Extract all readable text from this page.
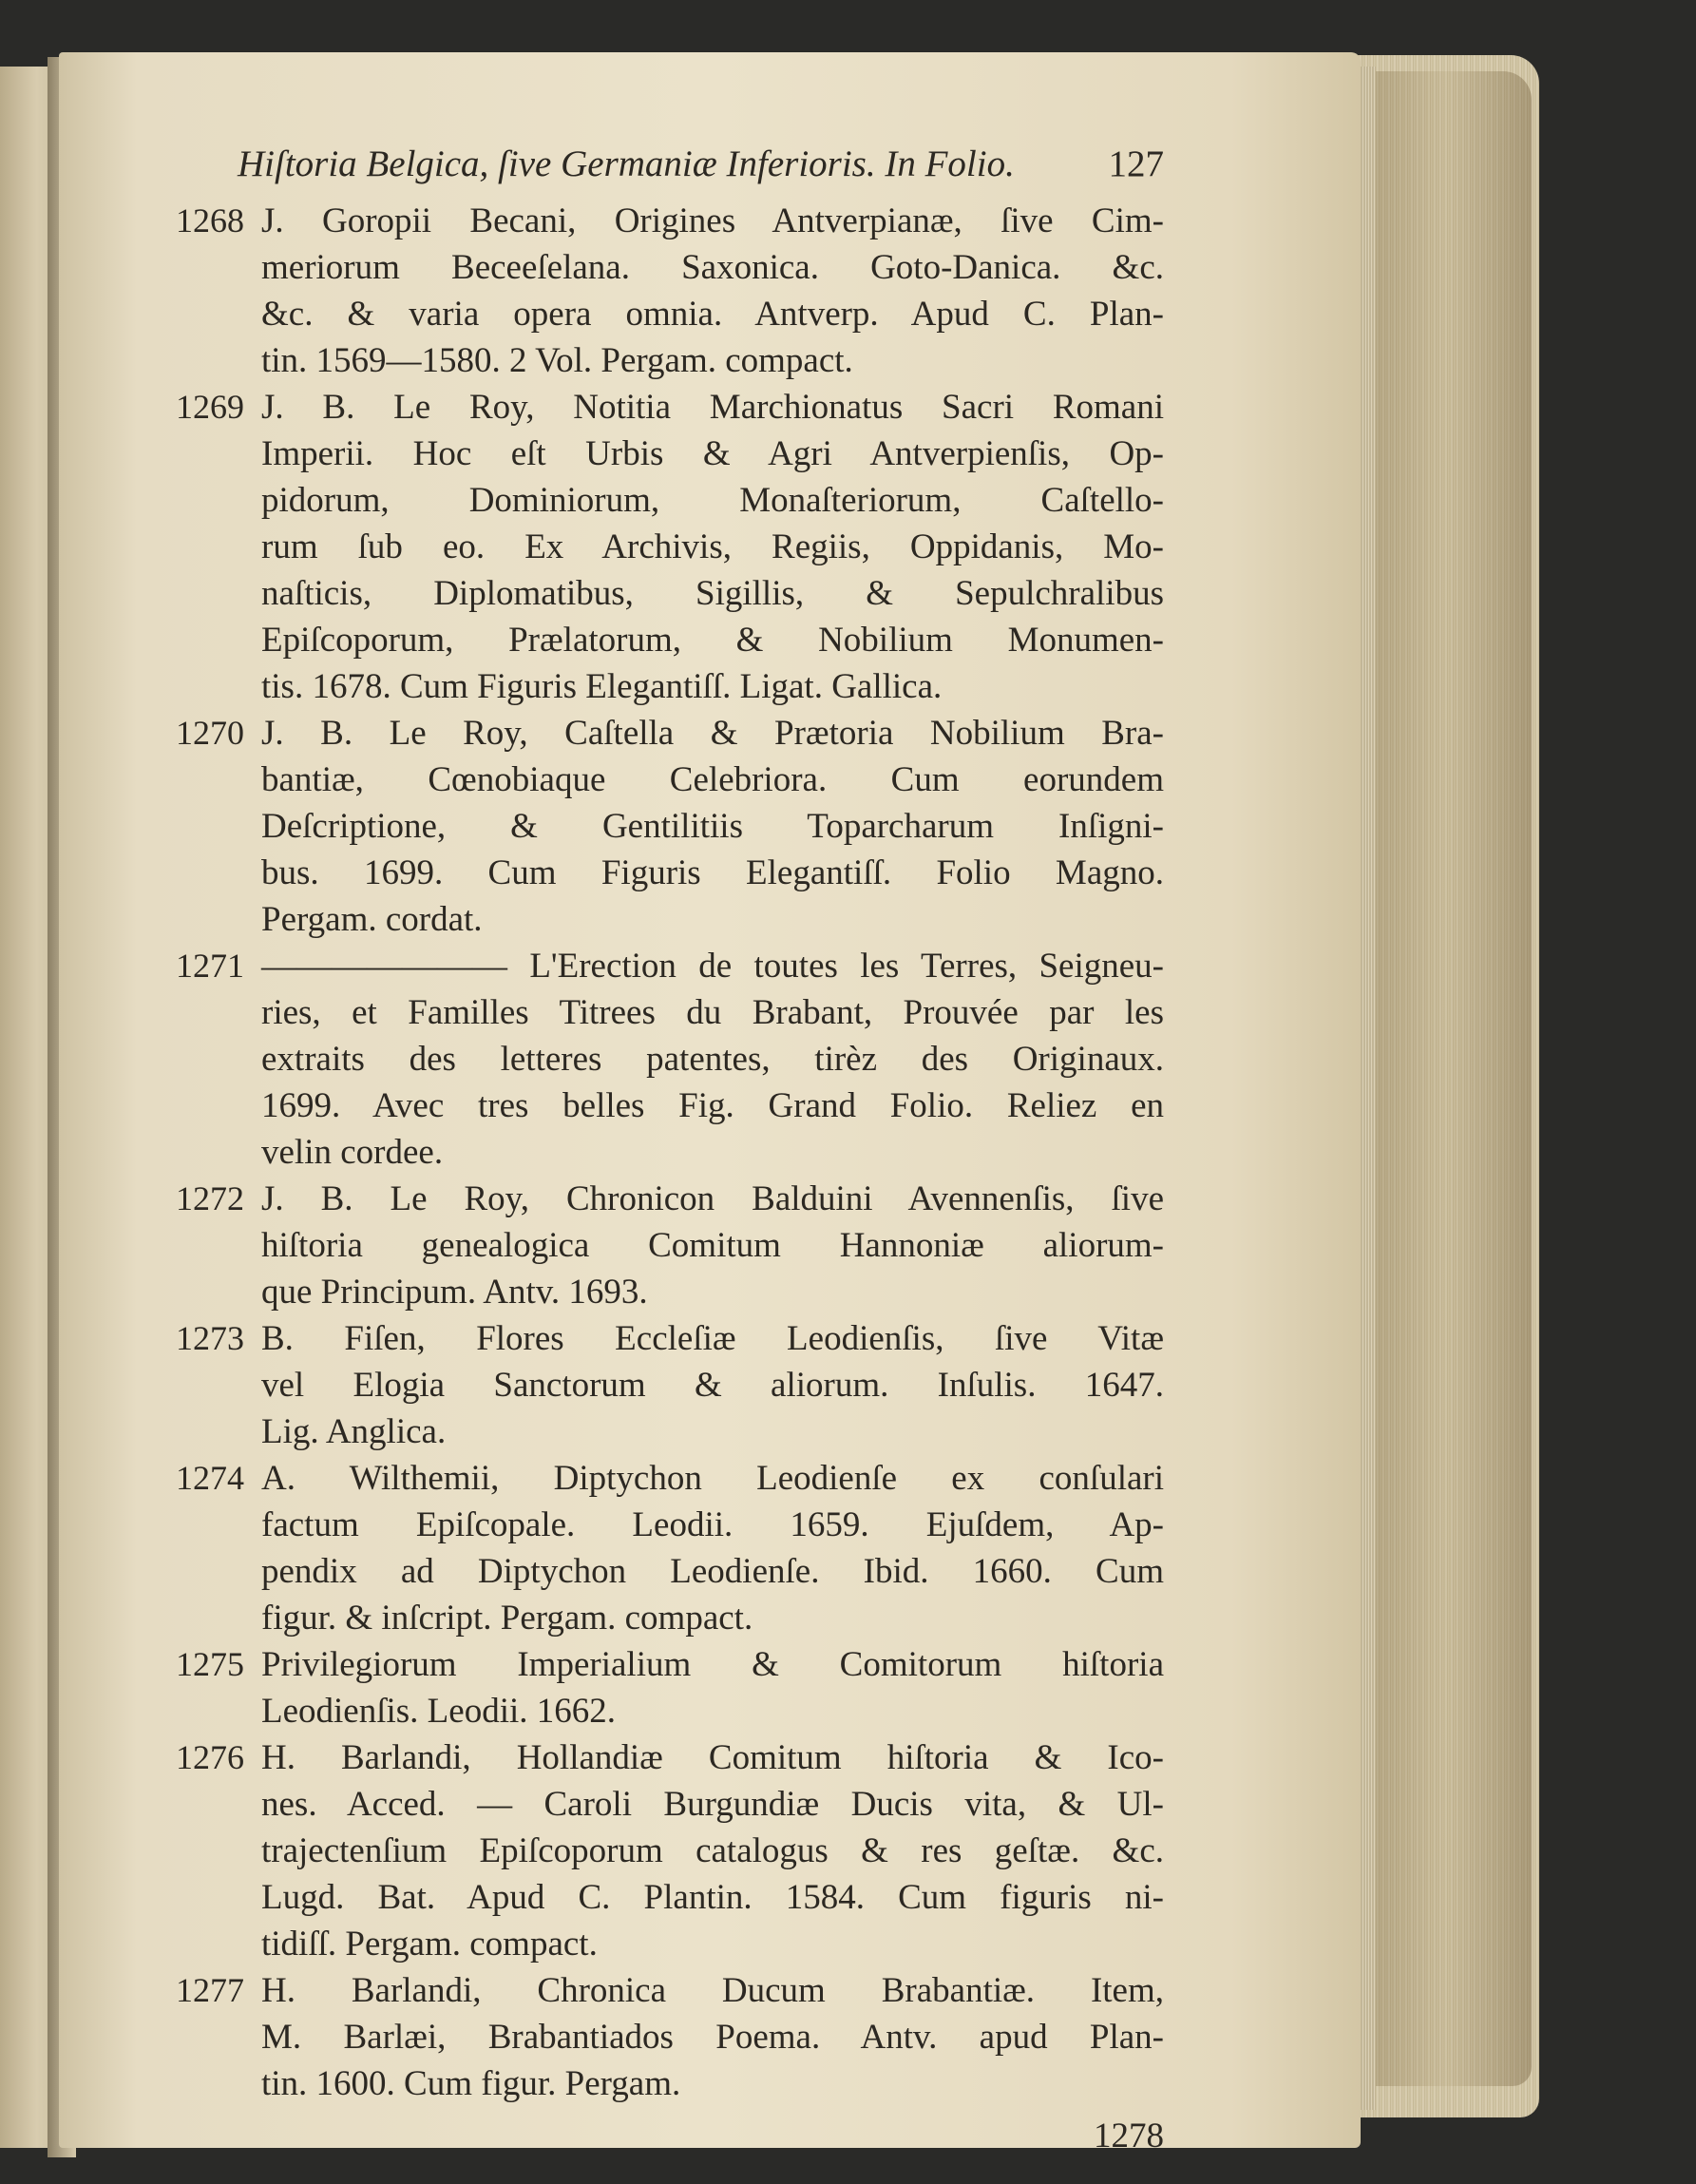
Hiſtoria Belgica, ſive Germaniæ Inferioris. In Folio.	127
1268 J. Goropii Becani, Origines Antverpianæ, ſive Cim-
meriorum Beceeſelana. Saxonica. Goto-Danica. &c.
&c. & varia opera omnia. Antverp. Apud C. Plan-
tin. 1569—1580. 2 Vol. Pergam. compact.
1269 J. B. Le Roy, Notitia Marchionatus Sacri Romani
Imperii. Hoc eſt Urbis & Agri Antverpienſis, Op-
pidorum, Dominiorum, Monaſteriorum, Caſtello-
rum ſub eo. Ex Archivis, Regiis, Oppidanis, Mo-
naſticis, Diplomatibus, Sigillis, & Sepulchralibus
Epiſcoporum, Prælatorum, & Nobilium Monumen-
tis. 1678. Cum Figuris Elegantiſſ. Ligat. Gallica.
1270 J. B. Le Roy, Caſtella & Prætoria Nobilium Bra-
bantiæ, Cœnobiaque Celebriora. Cum eorundem
Deſcriptione, & Gentilitiis Toparcharum Inſigni-
bus. 1699. Cum Figuris Elegantiſſ. Folio Magno.
Pergam. cordat.
1271 ——————— L'Erection de toutes les Terres, Seigneu-
ries, et Familles Titrees du Brabant, Prouvée par les
extraits des letteres patentes, tirèz des Originaux.
1699. Avec tres belles Fig. Grand Folio. Reliez en
velin cordee.
1272 J. B. Le Roy, Chronicon Balduini Avennenſis, ſive
hiſtoria genealogica Comitum Hannoniæ aliorum-
que Principum. Antv. 1693.
1273 B. Fiſen, Flores Eccleſiæ Leodienſis, ſive Vitæ
vel Elogia Sanctorum & aliorum. Inſulis. 1647.
Lig. Anglica.
1274 A. Wilthemii, Diptychon Leodienſe ex conſulari
factum Epiſcopale. Leodii. 1659. Ejuſdem, Ap-
pendix ad Diptychon Leodienſe. Ibid. 1660. Cum
figur. & inſcript. Pergam. compact.
1275 Privilegiorum Imperialium & Comitorum hiſtoria
Leodienſis. Leodii. 1662.
1276 H. Barlandi, Hollandiæ Comitum hiſtoria & Ico-
nes. Acced. — Caroli Burgundiæ Ducis vita, & Ul-
trajectenſium Epiſcoporum catalogus & res geſtæ. &c.
Lugd. Bat. Apud C. Plantin. 1584. Cum figuris ni-
tidiſſ. Pergam. compact.
1277 H. Barlandi, Chronica Ducum Brabantiæ. Item,
M. Barlæi, Brabantiados Poema. Antv. apud Plan-
tin. 1600. Cum figur. Pergam.
1278
